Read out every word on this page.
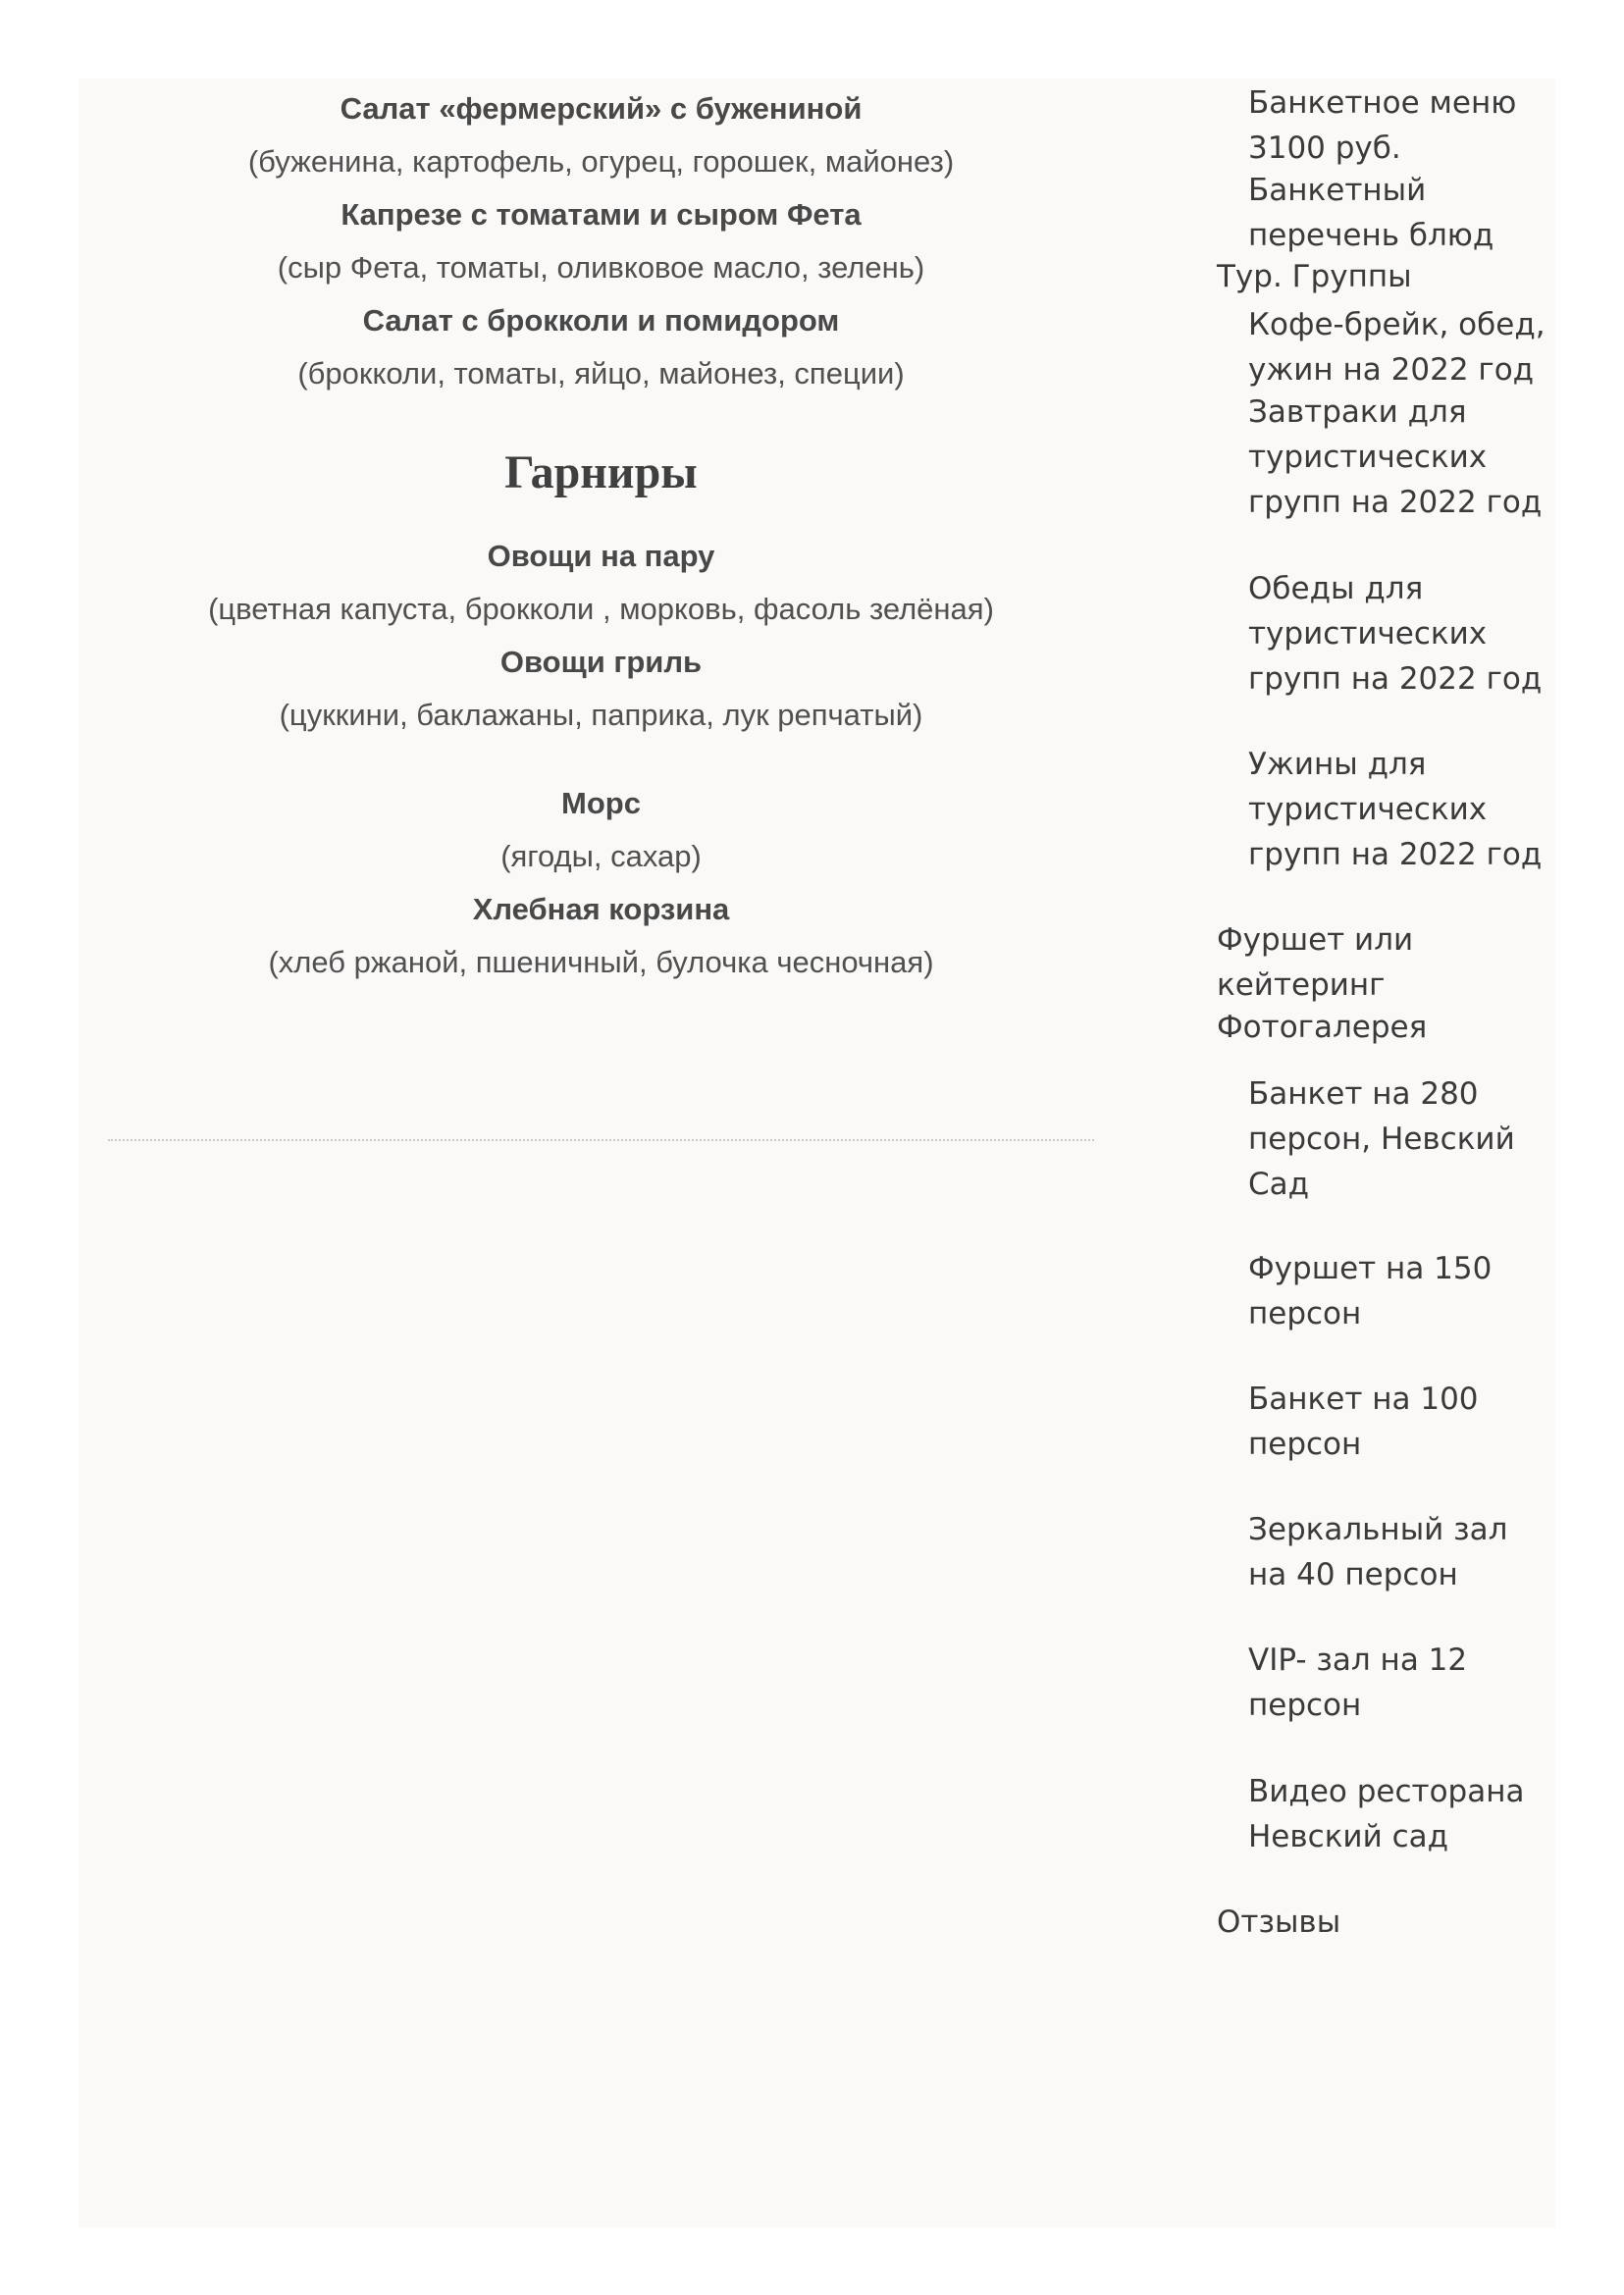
Салат «фермерский» с бужениной
(буженина, картофель, огурец, горошек, майонез)
Капрезе с томатами и сыром Фета
(сыр Фета, томаты, оливковое масло, зелень)
Салат с брокколи и помидором
(брокколи, томаты, яйцо, майонез, специи)
Гарниры
Овощи на пару
(цветная капуста, брокколи , морковь, фасоль зелёная)
Овощи гриль
(цуккини, баклажаны, паприка, лук репчатый)
Морс
(ягоды, сахар)
Хлебная корзина
(хлеб ржаной, пшеничный, булочка чесночная)
Банкетное меню
3100 руб.
Банкетный
перечень блюд
Тур. Группы
Кофе-брейк, обед,
ужин на 2022 год
Завтраки для
туристических
групп на 2022 год
Обеды для
туристических
групп на 2022 год
Ужины для
туристических
групп на 2022 год
Фуршет или
кейтеринг
Фотогалерея
Банкет на 280
персон, Невский
Сад
Фуршет на 150
персон
Банкет на 100
персон
Зеркальный зал
на 40 персон
VIP- зал на 12
персон
Видео ресторана
Невский сад
Отзывы
